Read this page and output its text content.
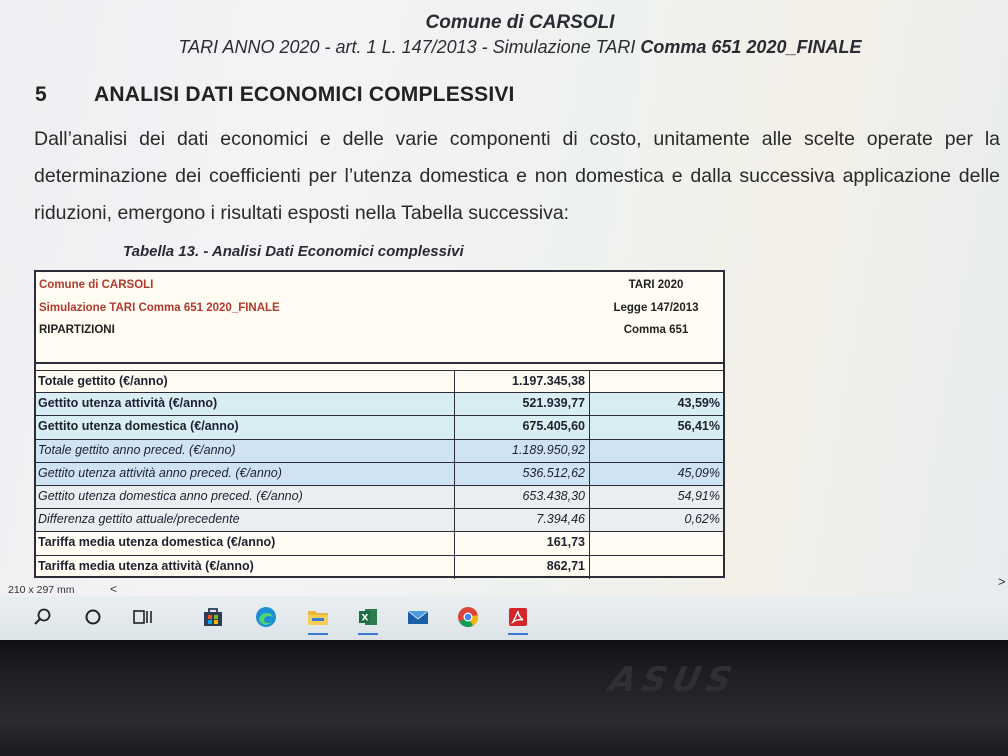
Comune di CARSOLI
TARI ANNO 2020 - art. 1 L. 147/2013 - Simulazione TARI Comma 651 2020_FINALE
5 ANALISI DATI ECONOMICI COMPLESSIVI
Dall’analisi dei dati economici e delle varie componenti di costo, unitamente alle scelte operate per la determinazione dei coefficienti per l’utenza domestica e non domestica e dalla successiva applicazione delle riduzioni, emergono i risultati esposti nella Tabella successiva:
Tabella 13. - Analisi Dati Economici complessivi
Comune di CARSOLI
Simulazione TARI Comma 651 2020_FINALE
RIPARTIZIONI
TARI 2020
Legge 147/2013
Comma 651
Totale gettito (€/anno)	1.197.345,38
Gettito utenza attività (€/anno)	521.939,77	43,59%
Gettito utenza domestica (€/anno)	675.405,60	56,41%
Totale gettito anno preced. (€/anno)	1.189.950,92
Gettito utenza attività anno preced. (€/anno)	536.512,62	45,09%
Gettito utenza domestica anno preced. (€/anno)	653.438,30	54,91%
Differenza gettito attuale/precedente	7.394,46	0,62%
Tariffa media utenza domestica (€/anno)	161,73
Tariffa media utenza attività (€/anno)	862,71
210 x 297 mm	<	>
X
ASUS
